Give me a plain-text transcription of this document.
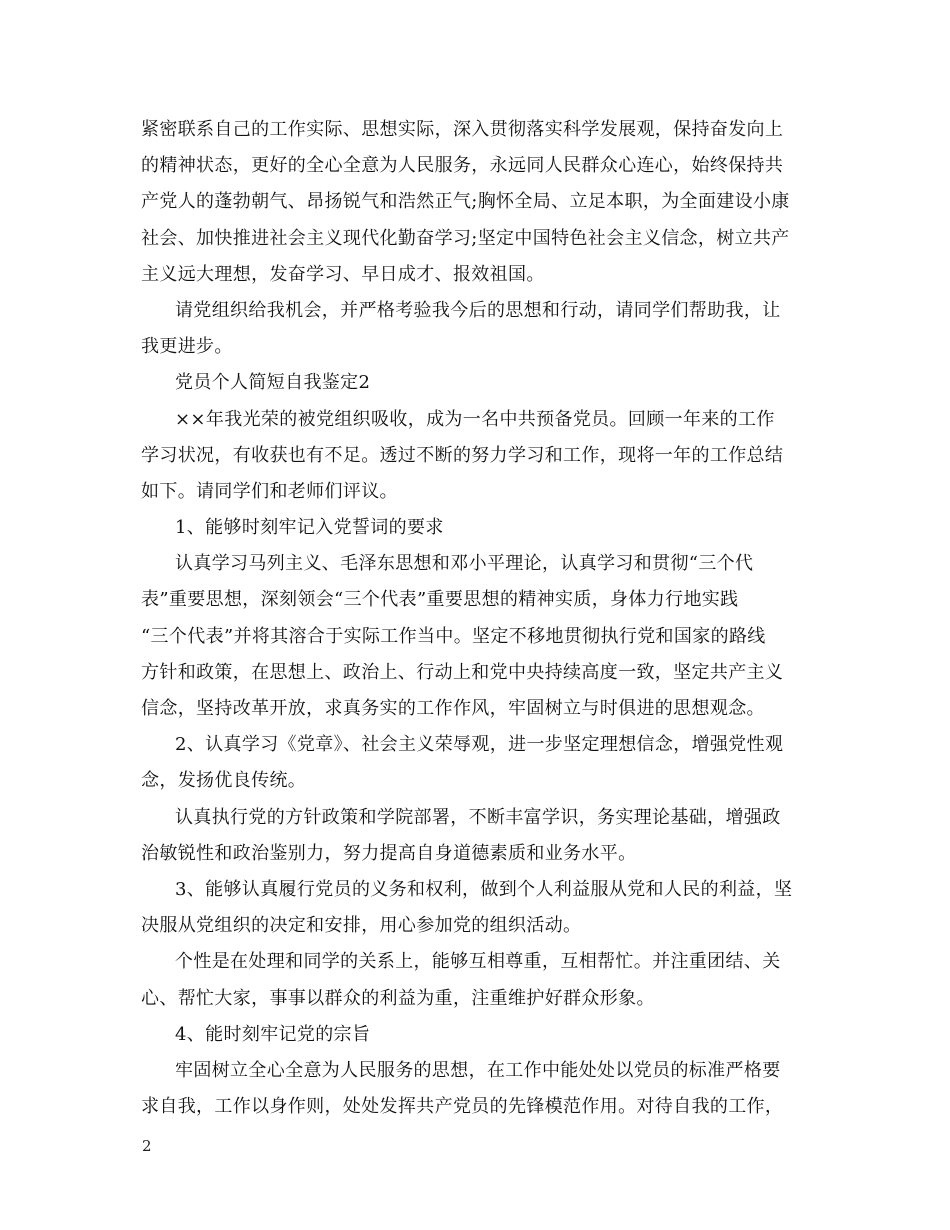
紧密联系自己的工作实际、思想实际，深入贯彻落实科学发展观，保持奋发向上
的精神状态，更好的全心全意为人民服务，永远同人民群众心连心，始终保持共
产党人的蓬勃朝气、昂扬锐气和浩然正气;胸怀全局、立足本职，为全面建设小康
社会、加快推进社会主义现代化勤奋学习;坚定中国特色社会主义信念，树立共产
主义远大理想，发奋学习、早日成才、报效祖国。
请党组织给我机会，并严格考验我今后的思想和行动，请同学们帮助我，让
我更进步。
党员个人简短自我鉴定2
××年我光荣的被党组织吸收，成为一名中共预备党员。回顾一年来的工作
学习状况，有收获也有不足。透过不断的努力学习和工作，现将一年的工作总结
如下。请同学们和老师们评议。
1、能够时刻牢记入党誓词的要求
认真学习马列主义、毛泽东思想和邓小平理论，认真学习和贯彻“三个代
表”重要思想，深刻领会“三个代表”重要思想的精神实质，身体力行地实践
“三个代表”并将其溶合于实际工作当中。坚定不移地贯彻执行党和国家的路线
方针和政策，在思想上、政治上、行动上和党中央持续高度一致，坚定共产主义
信念，坚持改革开放，求真务实的工作作风，牢固树立与时俱进的思想观念。
2、认真学习《党章》、社会主义荣辱观，进一步坚定理想信念，增强党性观
念，发扬优良传统。
认真执行党的方针政策和学院部署，不断丰富学识，务实理论基础，增强政
治敏锐性和政治鉴别力，努力提高自身道德素质和业务水平。
3、能够认真履行党员的义务和权利，做到个人利益服从党和人民的利益，坚
决服从党组织的决定和安排，用心参加党的组织活动。
个性是在处理和同学的关系上，能够互相尊重，互相帮忙。并注重团结、关
心、帮忙大家，事事以群众的利益为重，注重维护好群众形象。
4、能时刻牢记党的宗旨
牢固树立全心全意为人民服务的思想，在工作中能处处以党员的标准严格要
求自我，工作以身作则，处处发挥共产党员的先锋模范作用。对待自我的工作，
2
